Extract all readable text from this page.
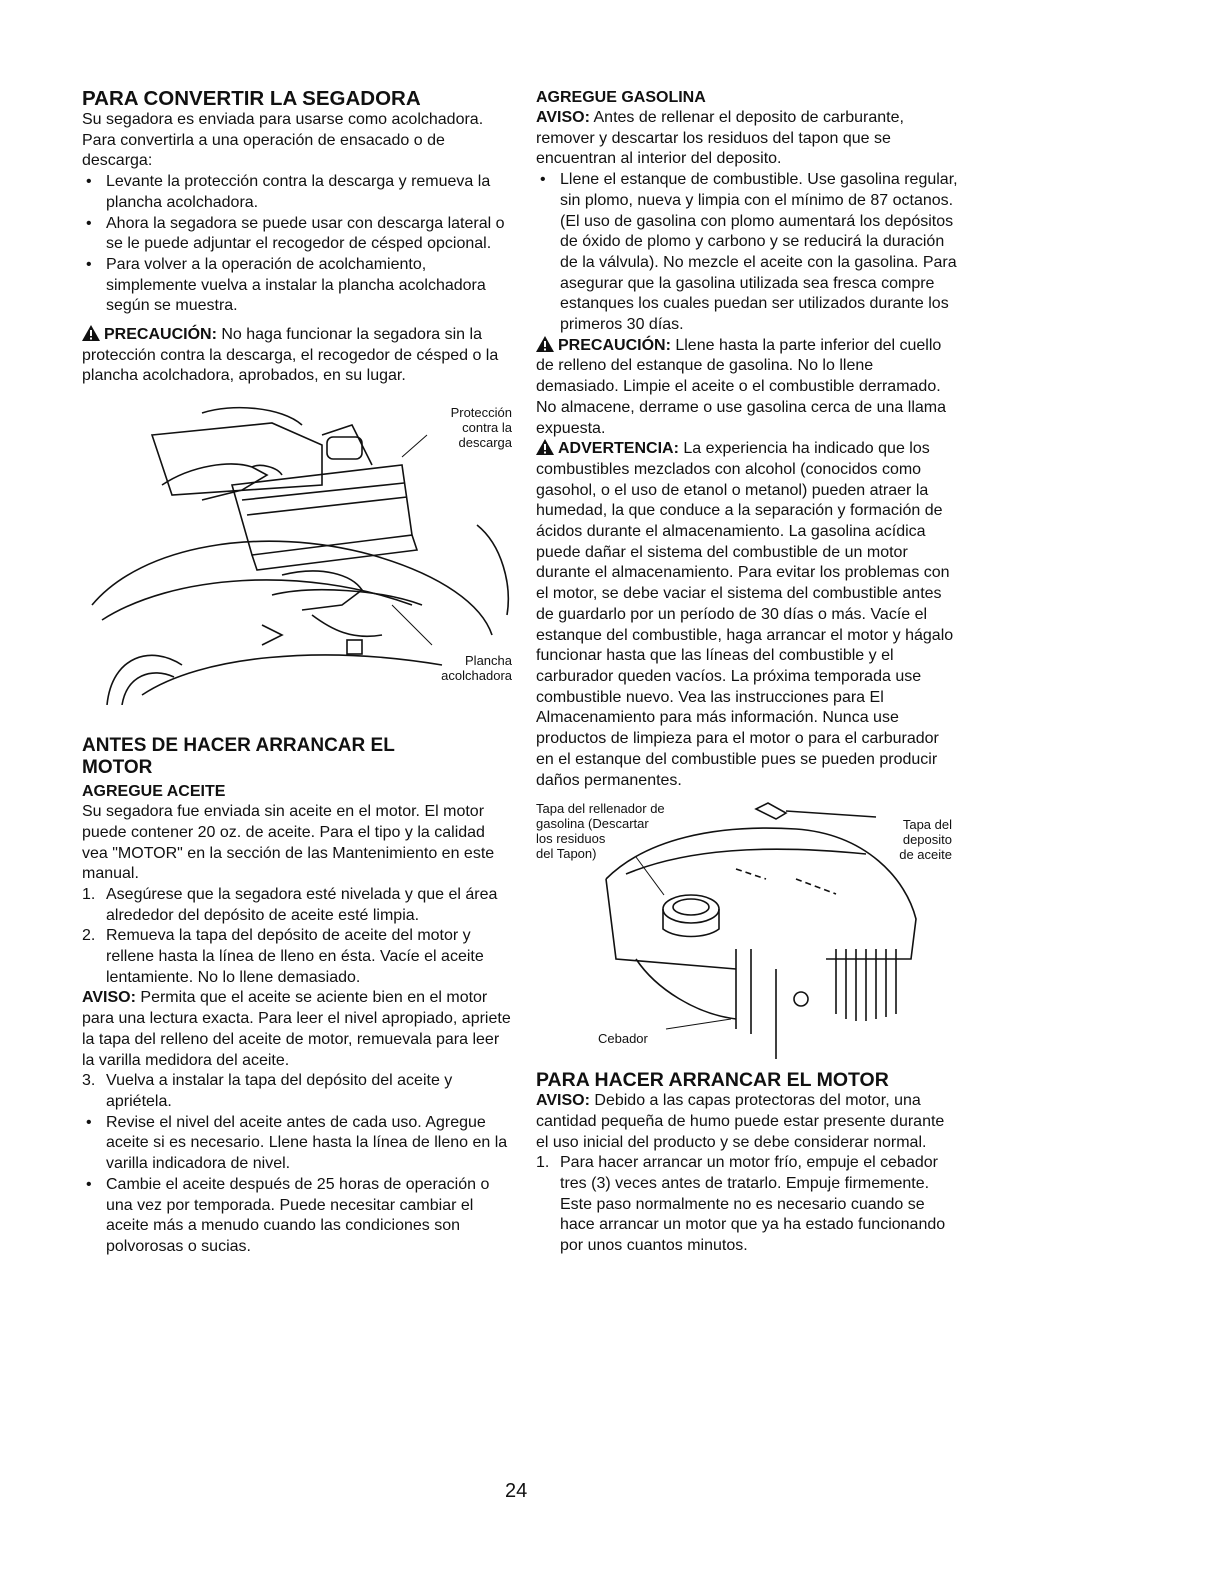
PARA CONVERTIR LA SEGADORA

Su segadora es enviada para usarse como acolchadora. Para convertirla a una operación de ensacado o de descarga:

• Levante la protección contra la descarga y remueva la plancha acolchadora.
• Ahora la segadora se puede usar con descarga lateral o se le puede adjuntar el recogedor de césped opcional.
• Para volver a la operación de acolchamiento, simplemente vuelva a instalar la plancha acolchadora según se muestra.

PRECAUCIÓN: No haga funcionar la segadora sin la protección contra la descarga, el recogedor de césped o la plancha acolchadora, aprobados, en su lugar.

Protección
contra la
descarga
Plancha
acolchadora
ANTES DE HACER ARRANCAR EL
MOTOR
AGREGUE ACEITE

Su segadora fue enviada sin aceite en el motor. El motor puede contener 20 oz. de aceite. Para el tipo y la calidad vea "MOTOR" en la sección de las Mantenimiento en este manual.

1. Asegúrese que la segadora esté nivelada y que el área alrededor del depósito de aceite esté limpia.
2. Remueva la tapa del depósito de aceite del motor y rellene hasta la línea de lleno en ésta. Vacíe el aceite lentamiente. No lo llene demasiado.

AVISO: Permita que el aceite se aciente bien en el motor para una lectura exacta. Para leer el nivel apropiado, apriete la tapa del relleno del aceite de motor, remuevala para leer la varilla medidora del aceite.

3. Vuelva a instalar la tapa del depósito del aceite y apriétela.
• Revise el nivel del aceite antes de cada uso. Agregue aceite si es necesario. Llene hasta la línea de lleno en la varilla indicadora de nivel.
• Cambie el aceite después de 25 horas de operación o una vez por temporada. Puede necesitar cambiar el aceite más a menudo cuando las condiciones son polvorosas o sucias.
AGREGUE GASOLINA

AVISO: Antes de rellenar el deposito de carburante, remover y descartar los residuos del tapon que se encuentran al interior del deposito.

• Llene el estanque de combustible. Use gasolina regular, sin plomo, nueva y limpia con el mínimo de 87 octanos. (El uso de gasolina con plomo aumentará los depósitos de óxido de plomo y carbono y se reducirá la duración de la válvula). No mezcle el aceite con la gasolina. Para asegurar que la gasolina utilizada sea fresca compre estanques los cuales puedan ser utilizados durante los primeros 30 días.

PRECAUCIÓN: Llene hasta la parte inferior del cuello de relleno del estanque de gasolina. No lo llene demasiado. Limpie el aceite o el combustible derramado. No almacene, derrame o use gasolina cerca de una llama expuesta.

ADVERTENCIA: La experiencia ha indicado que los combustibles mezclados con alcohol (conocidos como gasohol, o el uso de etanol o metanol) pueden atraer la humedad, la que conduce a la separación y formación de ácidos durante el almacenamiento. La gasolina acídica puede dañar el sistema del combustible de un motor durante el almacenamiento. Para evitar los problemas con el motor, se debe vaciar el sistema del combustible antes de guardarlo por un período de 30 días o más. Vacíe el estanque del combustible, haga arrancar el motor y hágalo funcionar hasta que las líneas del combustible y el carburador queden vacíos. La próxima temporada use combustible nuevo. Vea las instrucciones para El Almacenamiento para más información. Nunca use productos de limpieza para el motor o para el carburador en el estanque del combustible pues se pueden producir daños permanentes.

Tapa del rellenador de
gasolina (Descartar
los residuos
del Tapon)
Tapa del
deposito
de aceite
Cebador
PARA HACER ARRANCAR EL MOTOR

AVISO: Debido a las capas protectoras del motor, una cantidad pequeña de humo puede estar presente durante el uso inicial del producto y se debe considerar normal.

1. Para hacer arrancar un motor frío, empuje el cebador tres (3) veces antes de tratarlo. Empuje firmemente. Este paso normalmente no es necesario cuando se hace arrancar un motor que ya ha estado funcionando por unos cuantos minutos.
24
